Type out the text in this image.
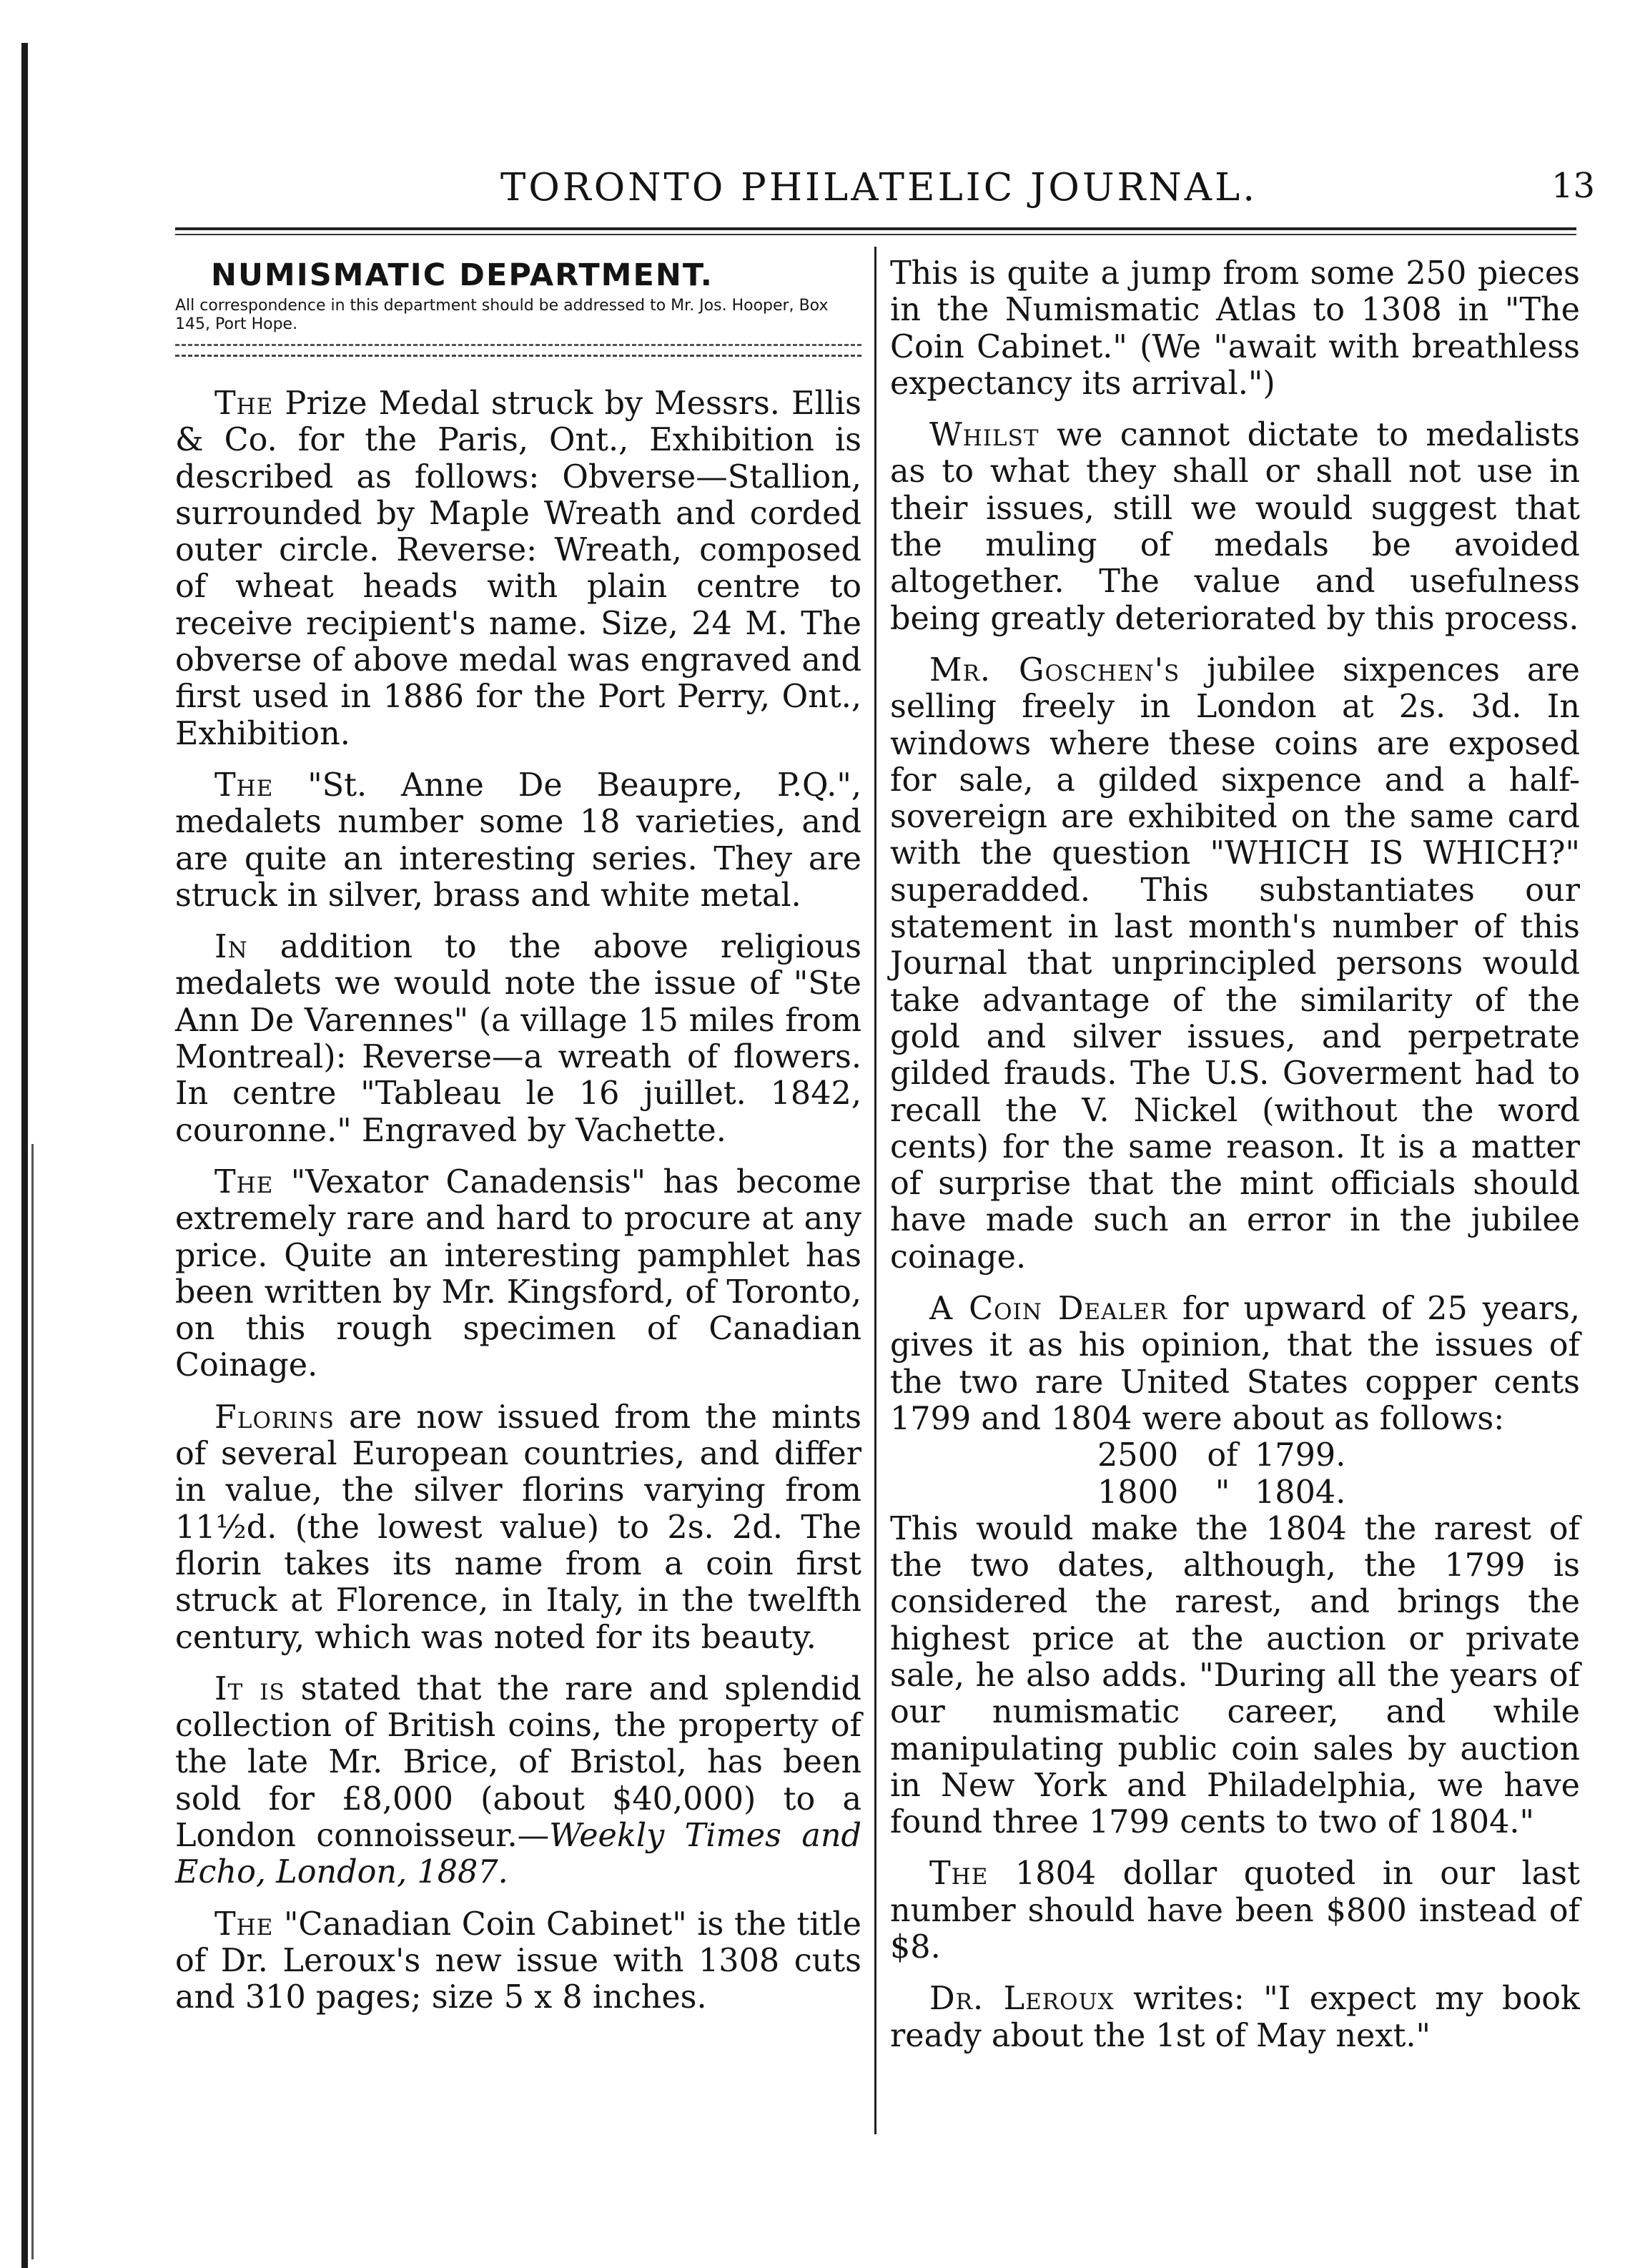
TORONTO PHILATELIC JOURNAL.	13
NUMISMATIC DEPARTMENT.

All correspondence in this department should be addressed to Mr. Jos. Hooper, Box 145, Port Hope.

The Prize Medal struck by Messrs. Ellis & Co. for the Paris, Ont., Exhibition is described as follows: Obverse—Stallion, surrounded by Maple Wreath and corded outer circle. Reverse: Wreath, composed of wheat heads with plain centre to receive recipient's name. Size, 24 M. The obverse of above medal was engraved and first used in 1886 for the Port Perry, Ont., Exhibition.

The "St. Anne De Beaupre, P.Q.", medalets number some 18 varieties, and are quite an interesting series. They are struck in silver, brass and white metal.

In addition to the above religious medalets we would note the issue of "Ste Ann De Varennes" (a village 15 miles from Montreal): Reverse—a wreath of flowers. In centre "Tableau le 16 juillet. 1842, couronne." Engraved by Vachette.

The "Vexator Canadensis" has become extremely rare and hard to procure at any price. Quite an interesting pamphlet has been written by Mr. Kingsford, of Toronto, on this rough specimen of Canadian Coinage.

Florins are now issued from the mints of several European countries, and differ in value, the silver florins varying from 11½d. (the lowest value) to 2s. 2d. The florin takes its name from a coin first struck at Florence, in Italy, in the twelfth century, which was noted for its beauty.

It is stated that the rare and splendid collection of British coins, the property of the late Mr. Brice, of Bristol, has been sold for £8,000 (about $40,000) to a London connoisseur.—Weekly Times and Echo, London, 1887.

The "Canadian Coin Cabinet" is the title of Dr. Leroux's new issue with 1308 cuts and 310 pages; size 5 x 8 inches.

This is quite a jump from some 250 pieces in the Numismatic Atlas to 1308 in "The Coin Cabinet." (We "await with breathless expectancy its arrival.")

Whilst we cannot dictate to medalists as to what they shall or shall not use in their issues, still we would suggest that the muling of medals be avoided altogether. The value and usefulness being greatly deteriorated by this process.

Mr. Goschen's jubilee sixpences are selling freely in London at 2s. 3d. In windows where these coins are exposed for sale, a gilded sixpence and a half-sovereign are exhibited on the same card with the question "WHICH IS WHICH?" superadded. This substantiates our statement in last month's number of this Journal that unprincipled persons would take advantage of the similarity of the gold and silver issues, and perpetrate gilded frauds. The U.S. Goverment had to recall the V. Nickel (without the word cents) for the same reason. It is a matter of surprise that the mint officials should have made such an error in the jubilee coinage.

A Coin Dealer for upward of 25 years, gives it as his opinion, that the issues of the two rare United States copper cents 1799 and 1804 were about as follows:

2500 of 1799.
1800 " 1804.

This would make the 1804 the rarest of the two dates, although, the 1799 is considered the rarest, and brings the highest price at the auction or private sale, he also adds. "During all the years of our numismatic career, and while manipulating public coin sales by auction in New York and Philadelphia, we have found three 1799 cents to two of 1804."

The 1804 dollar quoted in our last number should have been $800 instead of $8.

Dr. Leroux writes: "I expect my book ready about the 1st of May next."
